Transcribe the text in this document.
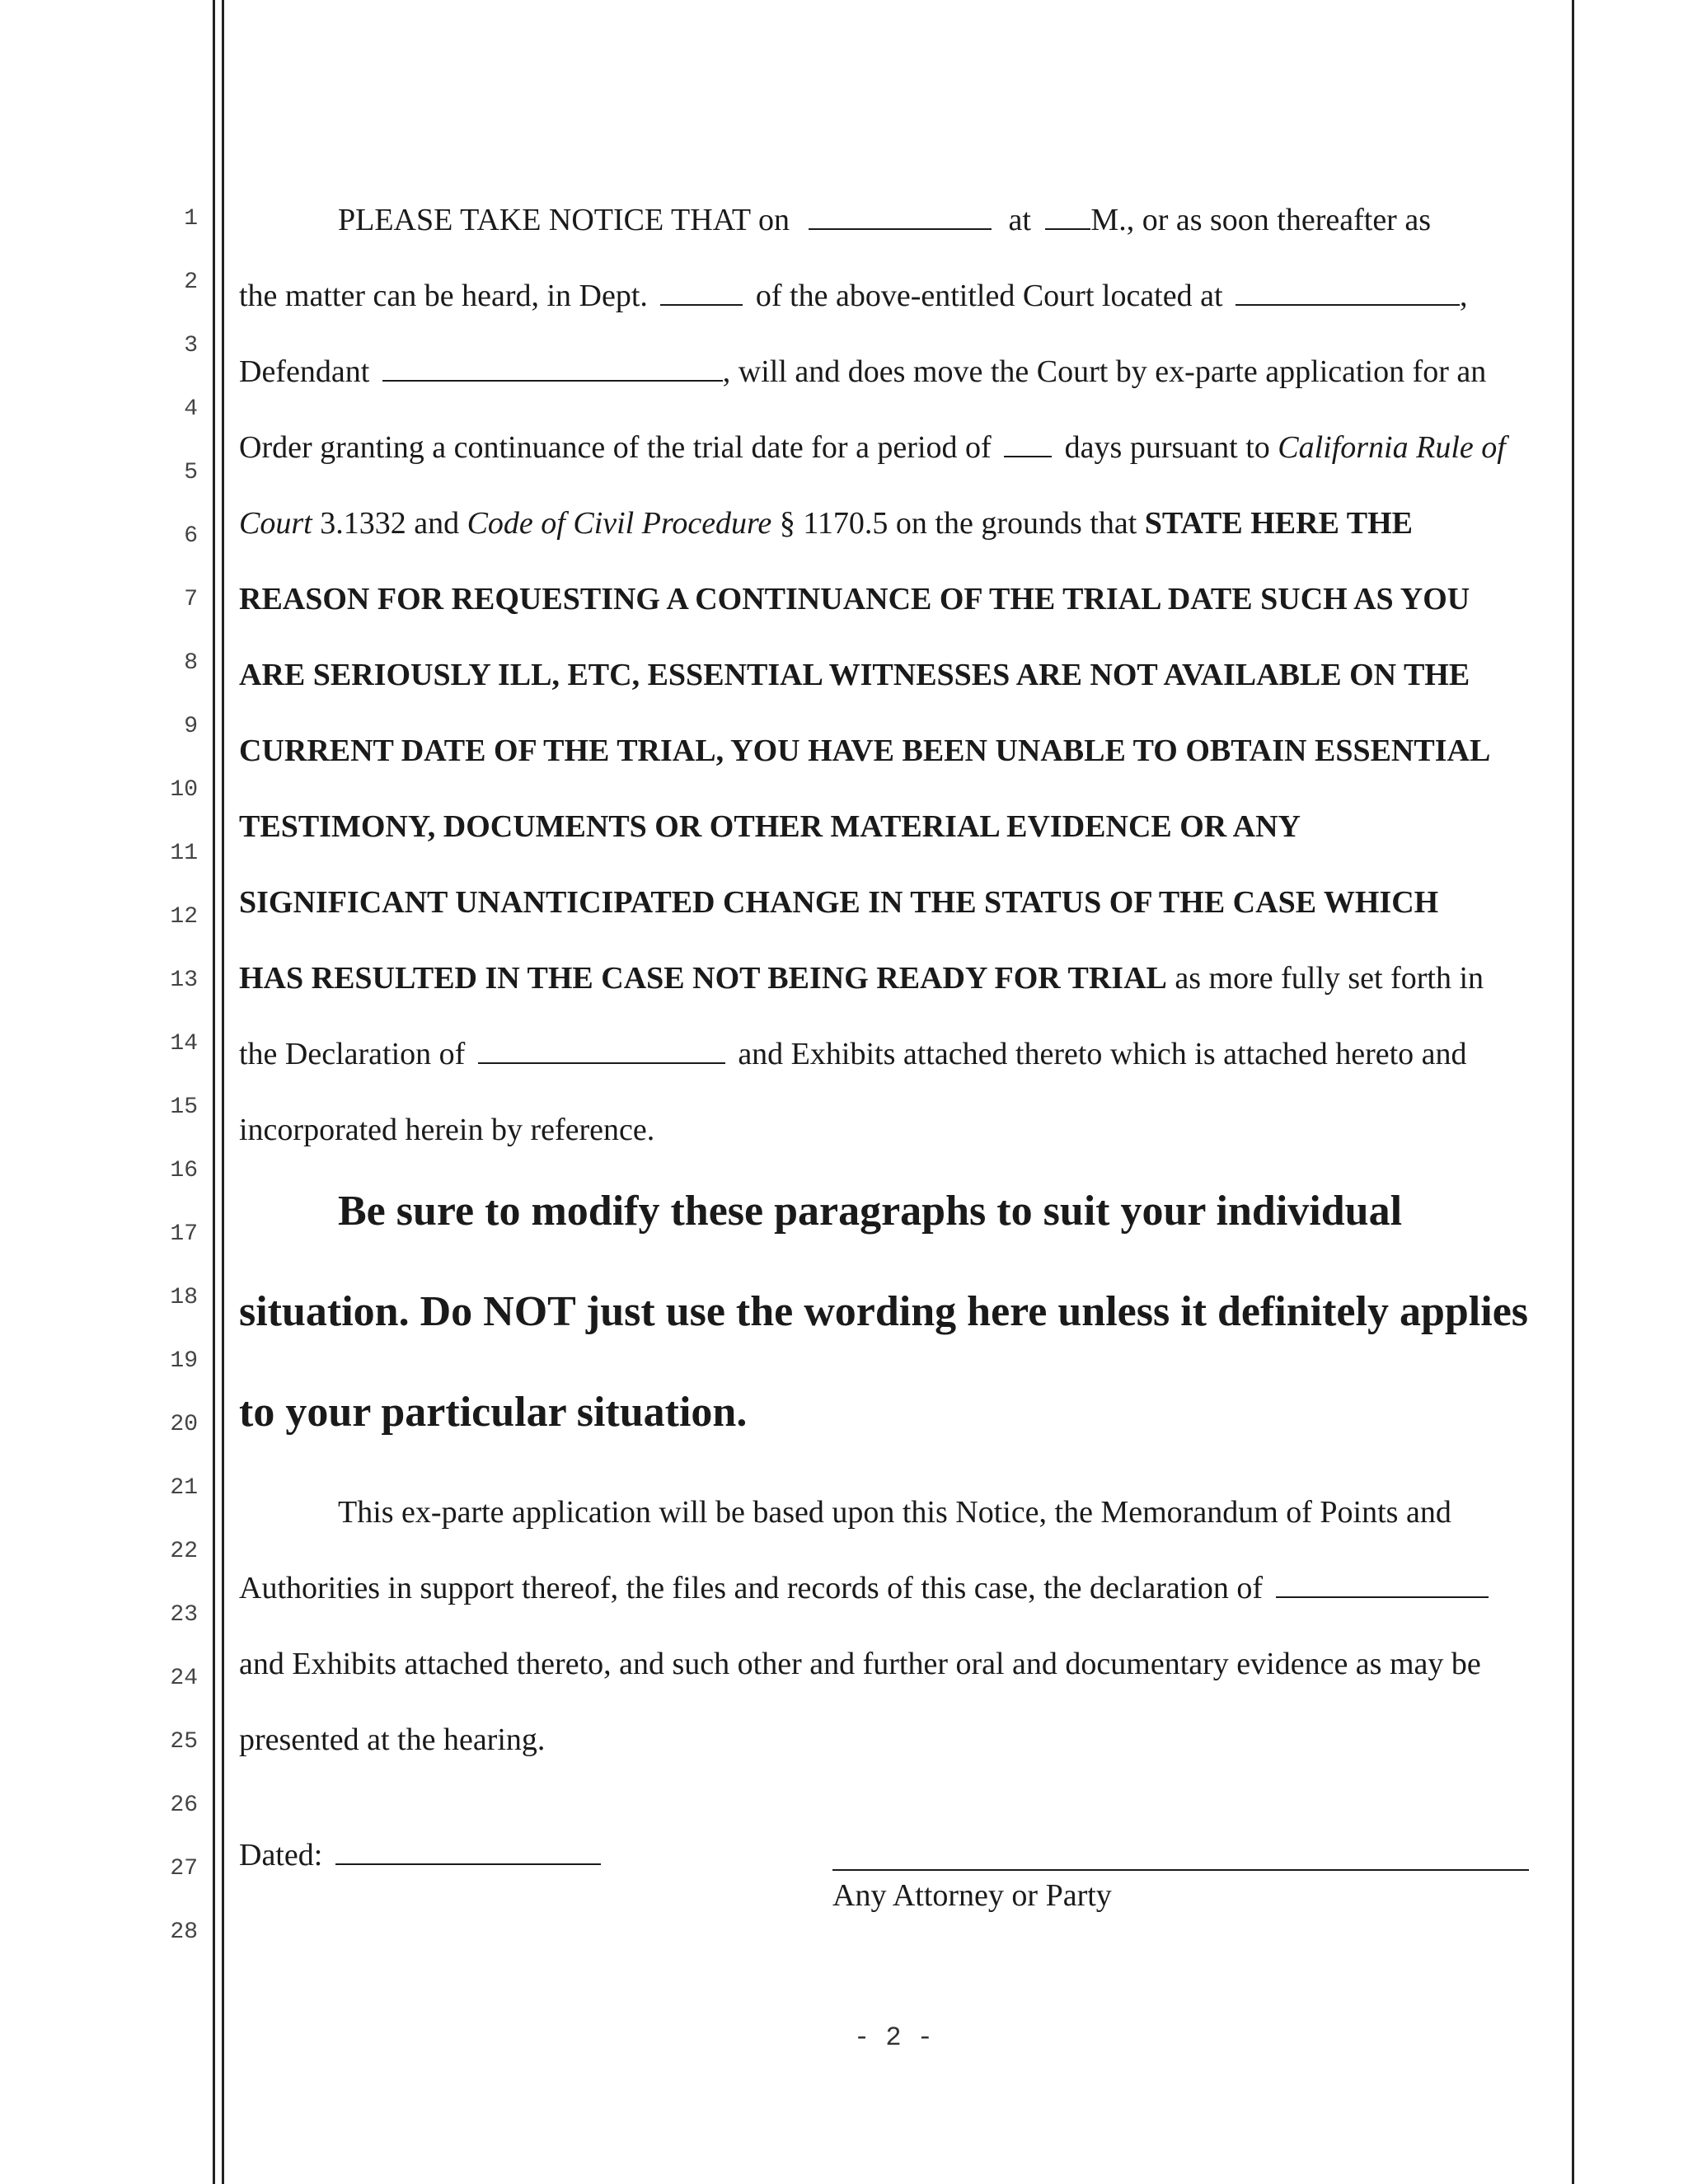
1
2
3
4
5
6
7
8
9
10
11
12
13
14
15
16
17
18
19
20
21
22
23
24
25
26
27
28
PLEASE TAKE NOTICE THAT on	at M., or as soon thereafter as
the matter can be heard, in Dept.	of the above-entitled Court located at	,
Defendant	, will and does move the Court by ex-parte application for an
Order granting a continuance of the trial date for a period of days pursuant to California Rule of
Court 3.1332 and Code of Civil Procedure § 1170.5 on the grounds that STATE HERE THE
REASON FOR REQUESTING A CONTINUANCE OF THE TRIAL DATE SUCH AS YOU
ARE SERIOUSLY ILL, ETC, ESSENTIAL WITNESSES ARE NOT AVAILABLE ON THE
CURRENT DATE OF THE TRIAL, YOU HAVE BEEN UNABLE TO OBTAIN ESSENTIAL
TESTIMONY, DOCUMENTS OR OTHER MATERIAL EVIDENCE OR ANY
SIGNIFICANT UNANTICIPATED CHANGE IN THE STATUS OF THE CASE WHICH
HAS RESULTED IN THE CASE NOT BEING READY FOR TRIAL as more fully set forth in
the Declaration of	and Exhibits attached thereto which is attached hereto and
incorporated herein by reference.
Be sure to modify these paragraphs to suit your individual
situation. Do NOT just use the wording here unless it definitely applies
to your particular situation.
This ex-parte application will be based upon this Notice, the Memorandum of Points and
Authorities in support thereof, the files and records of this case, the declaration of
and Exhibits attached thereto, and such other and further oral and documentary evidence as may be
presented at the hearing.
Dated:
Any Attorney or Party
- 2 -
